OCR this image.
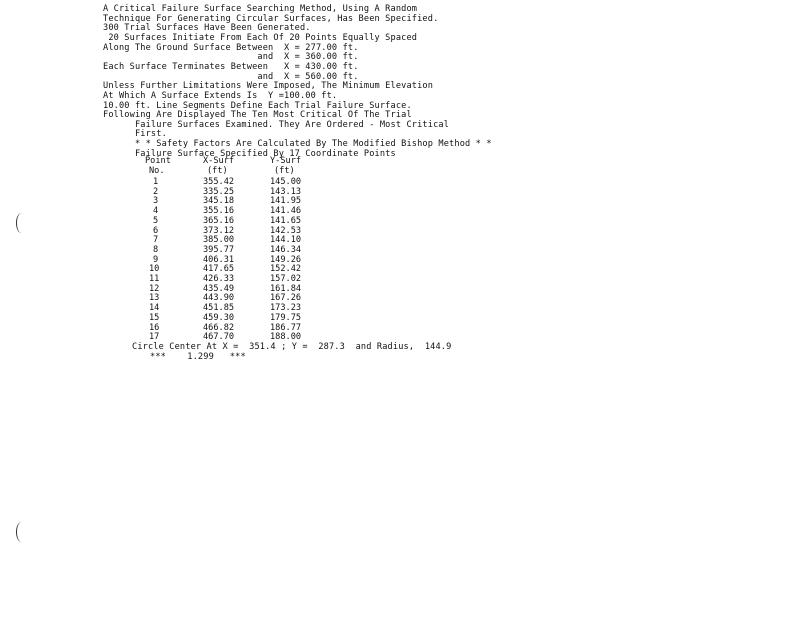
A Critical Failure Surface Searching Method, Using A Random
Technique For Generating Circular Surfaces, Has Been Specified.
300 Trial Surfaces Have Been Generated.
20 Surfaces Initiate From Each Of 20 Points Equally Spaced
Along The Ground Surface Between  X = 277.00 ft.
and  X = 360.00 ft.
Each Surface Terminates Between   X = 430.00 ft.
and  X = 560.00 ft.
Unless Further Limitations Were Imposed, The Minimum Elevation
At Which A Surface Extends Is  Y =100.00 ft.
10.00 ft. Line Segments Define Each Trial Failure Surface.
Following Are Displayed The Ten Most Critical Of The Trial
Failure Surfaces Examined. They Are Ordered - Most Critical
First.
* * Safety Factors Are Calculated By The Modified Bishop Method * *
Failure Surface Specified By 17 Coordinate Points
Point	X-Surf	Y-Surf
No.	(ft)	(ft)
1	355.42	145.00
2	335.25	143.13
3	345.18	141.95
4	355.16	141.46
5	365.16	141.65
6	373.12	142.53
7	385.00	144.10
8	395.77	146.34
9	406.31	149.26
10	417.65	152.42
11	426.33	157.02
12	435.49	161.84
13	443.90	167.26
14	451.85	173.23
15	459.30	179.75
16	466.82	186.77
17	467.70	188.00
Circle Center At X =  351.4 ; Y =  287.3  and Radius,  144.9
***    1.299   ***
